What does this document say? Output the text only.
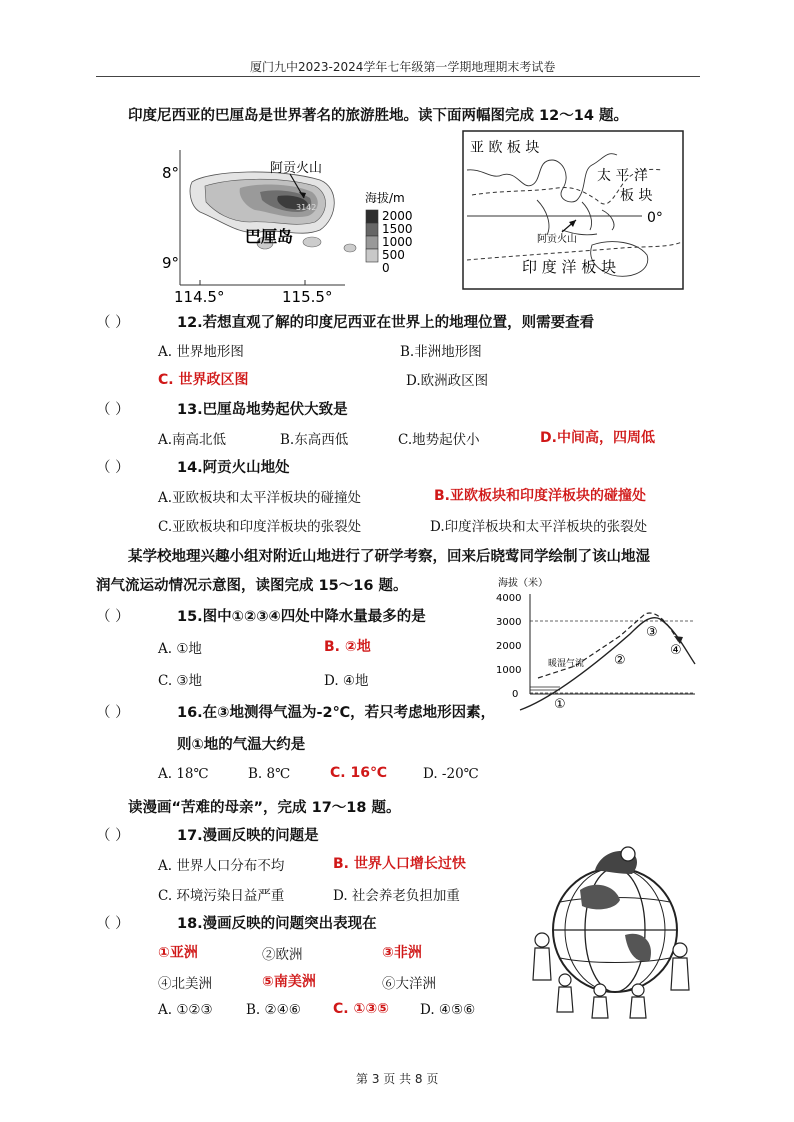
厦门九中2023-2024学年七年级第一学期地理期末考试卷
印度尼西亚的巴厘岛是世界著名的旅游胜地。读下面两幅图完成 12～14 题。
8°
9°
114.5°	115.5°
阿贡火山
3142
巴厘岛
海拔/m
2000
1500
1000
500
0
亚 欧 板 块
太 平 洋
板 块
0°
阿贡火山
印 度 洋 板 块
（ ）	12.若想直观了解的印度尼西亚在世界上的地理位置，则需要查看
A. 世界地形图	B.非洲地形图
C. 世界政区图	D.欧洲政区图
（ ）	13.巴厘岛地势起伏大致是
A.南高北低	B.东高西低	C.地势起伏小	D.中间高，四周低
（ ）	14.阿贡火山地处
A.亚欧板块和太平洋板块的碰撞处	B.亚欧板块和印度洋板块的碰撞处
C.亚欧板块和印度洋板块的张裂处	D.印度洋板块和太平洋板块的张裂处
某学校地理兴趣小组对附近山地进行了研学考察，回来后晓莺同学绘制了该山地湿
润气流运动情况示意图，读图完成 15～16 题。	海拔（米）
4000
3000
2000
1000
0
暖湿气流
①
②
③
④
（ ）	15.图中①②③④四处中降水量最多的是
A. ①地	B. ②地
C. ③地	D. ④地
（ ）	16.在③地测得气温为-2℃，若只考虑地形因素，
则①地的气温大约是
A. 18℃	B. 8℃	C. 16℃	D. -20℃
读漫画“苦难的母亲”，完成 17～18 题。
（ ）	17.漫画反映的问题是
A. 世界人口分布不均	B. 世界人口增长过快
C. 环境污染日益严重	D. 社会养老负担加重
（ ）	18.漫画反映的问题突出表现在
①亚洲	②欧洲	③非洲
④北美洲	⑤南美洲	⑥大洋洲
A. ①②③ B. ②④⑥ C. ①③⑤ D. ④⑤⑥
第 3 页 共 8 页
